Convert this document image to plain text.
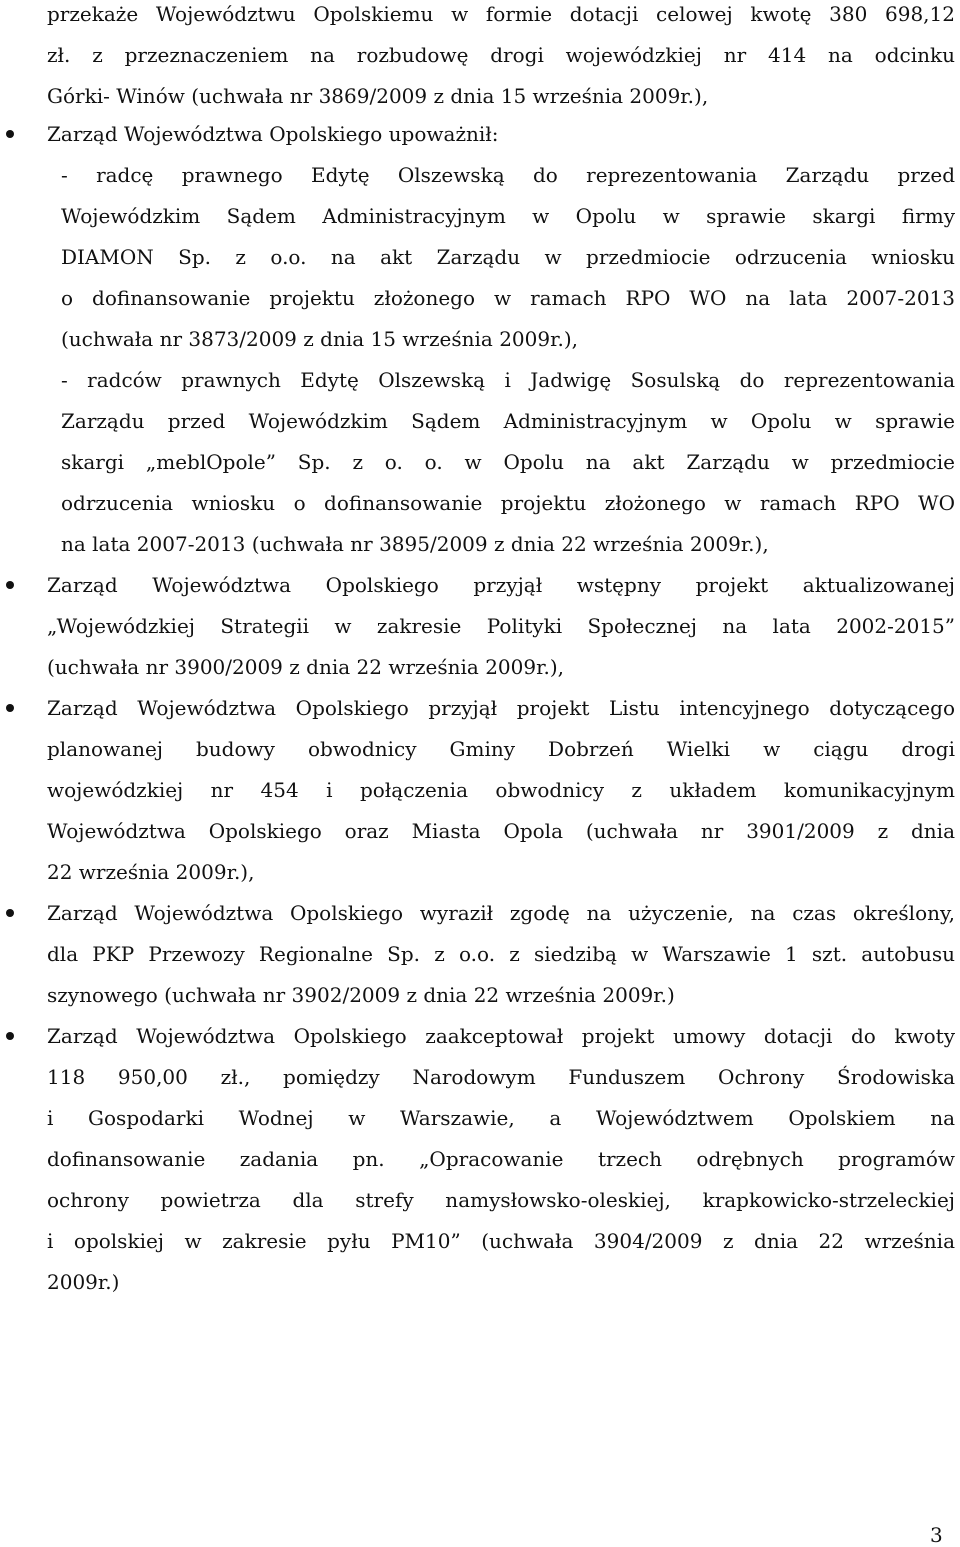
przekaże Województwu Opolskiemu w formie dotacji celowej kwotę 380 698,12
zł. z przeznaczeniem na rozbudowę drogi wojewódzkiej nr 414 na odcinku
Górki- Winów (uchwała nr 3869/2009 z dnia 15 września 2009r.),
Zarząd Województwa Opolskiego upoważnił:
- radcę prawnego Edytę Olszewską do reprezentowania Zarządu przed
Wojewódzkim Sądem Administracyjnym w Opolu w sprawie skargi firmy
DIAMON Sp. z o.o. na akt Zarządu w przedmiocie odrzucenia wniosku
o dofinansowanie projektu złożonego w ramach RPO WO na lata 2007-2013
(uchwała nr 3873/2009 z dnia 15 września 2009r.),
- radców prawnych Edytę Olszewską i Jadwigę Sosulską do reprezentowania
Zarządu przed Wojewódzkim Sądem Administracyjnym w Opolu w sprawie
skargi „meblOpole” Sp. z o. o. w Opolu na akt Zarządu w przedmiocie
odrzucenia wniosku o dofinansowanie projektu złożonego w ramach RPO WO
na lata 2007-2013 (uchwała nr 3895/2009 z dnia 22 września 2009r.),
Zarząd Województwa Opolskiego przyjął wstępny projekt aktualizowanej
„Wojewódzkiej Strategii w zakresie Polityki Społecznej na lata 2002-2015”
(uchwała nr 3900/2009 z dnia 22 września 2009r.),
Zarząd Województwa Opolskiego przyjął projekt Listu intencyjnego dotyczącego
planowanej budowy obwodnicy Gminy Dobrzeń Wielki w ciągu drogi
wojewódzkiej nr 454 i połączenia obwodnicy z układem komunikacyjnym
Województwa Opolskiego oraz Miasta Opola (uchwała nr 3901/2009 z dnia
22 września 2009r.),
Zarząd Województwa Opolskiego wyraził zgodę na użyczenie, na czas określony,
dla PKP Przewozy Regionalne Sp. z o.o. z siedzibą w Warszawie 1 szt. autobusu
szynowego (uchwała nr 3902/2009 z dnia 22 września 2009r.)
Zarząd Województwa Opolskiego zaakceptował projekt umowy dotacji do kwoty
118 950,00 zł., pomiędzy Narodowym Funduszem Ochrony Środowiska
i Gospodarki Wodnej w Warszawie, a Województwem Opolskiem na
dofinansowanie zadania pn. „Opracowanie trzech odrębnych programów
ochrony powietrza dla strefy namysłowsko-oleskiej, krapkowicko-strzeleckiej
i opolskiej w zakresie pyłu PM10” (uchwała 3904/2009 z dnia 22 września
2009r.)
3
